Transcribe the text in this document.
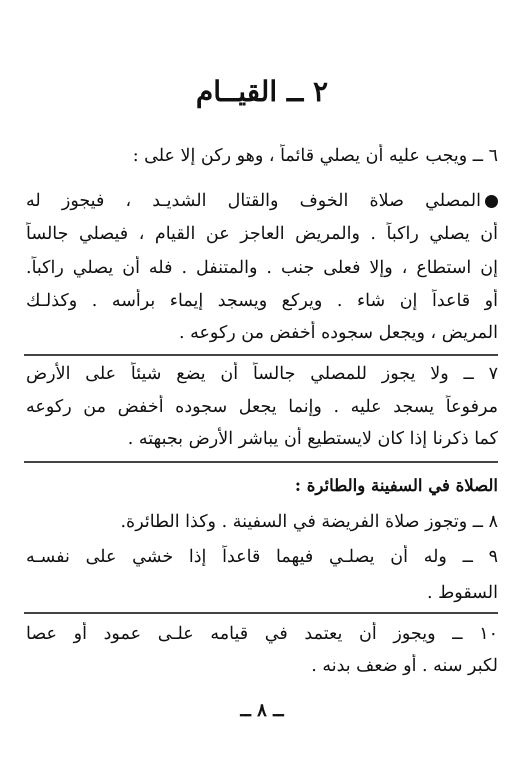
٢ ــ القيــام
٦ ــ ويجب عليه أن يصلي قائماً ، وهو ركن إلا على :
المصلي صلاة الخوف والقتال الشديـد ، فيجوز له
أن يصلي راكباً . والمريض العاجز عن القيام ، فيصلي جالساً
إن استطاع ، وإلا فعلى جنب . والمتنفل . فله أن يصلي راكباً.
أو قاعداً إن شاء . ويركع ويسجد إيماء برأسه . وكذلـك
المريض ، ويجعل سجوده أخفض من ركوعه .
٧ ــ ولا يجوز للمصلي جالساً أن يضع شيئاً على الأرض
مرفوعاً يسجد عليه . وإنما يجعل سجوده أخفض من ركوعه
كما ذكرنا إذا كان لايستطيع أن يباشر الأرض بجبهته .
الصلاة في السفينة والطائرة :
٨ ــ وتجوز صلاة الفريضة في السفينة . وكذا الطائرة.
٩ ــ وله أن يصلـي فيهما قاعداً إذا خشي على نفسـه
السقوط .
١٠ ــ ويجوز أن يعتمد في قيامه علـى عمود أو عصا
لكبر سنه . أو ضعف بدنه .
ــ ٨ ــ
